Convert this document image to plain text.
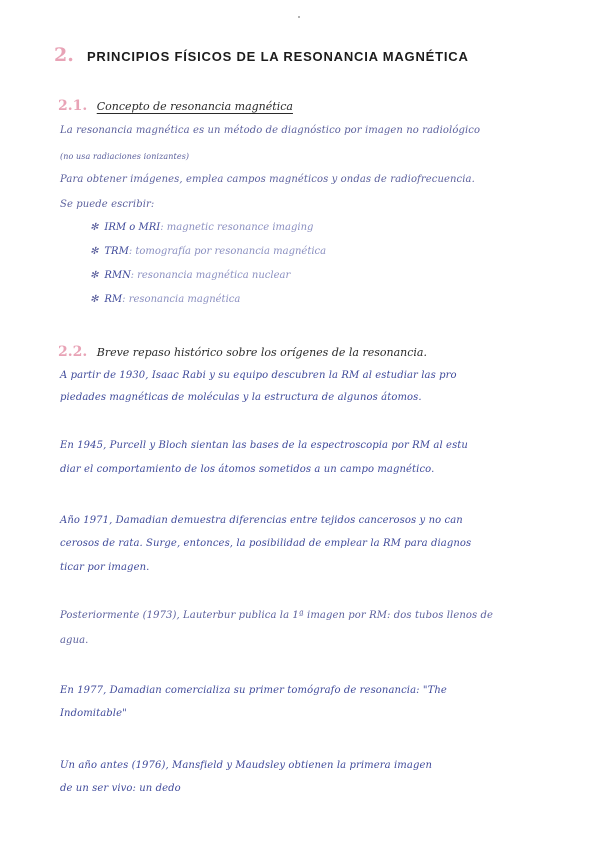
2. PRINCIPIOS FÍSICOS DE LA RESONANCIA MAGNÉTICA
2.1. Concepto de resonancia magnética
La resonancia magnética es un método de diagnóstico por imagen no radiológico
(no usa radiaciones ionizantes)
Para obtener imágenes, emplea campos magnéticos y ondas de radiofrecuencia.
Se puede escribir:
✻ IRM o MRI: magnetic resonance imaging
✻ TRM: tomografía por resonancia magnética
✻ RMN: resonancia magnética nuclear
✻ RM: resonancia magnética
2.2. Breve repaso histórico sobre los orígenes de la resonancia.
A partir de 1930, Isaac Rabi y su equipo descubren la RM al estudiar las pro
piedades magnéticas de moléculas y la estructura de algunos átomos.
En 1945, Purcell y Bloch sientan las bases de la espectroscopia por RM al estu
diar el comportamiento de los átomos sometidos a un campo magnético.
Año 1971, Damadian demuestra diferencias entre tejidos cancerosos y no can
cerosos de rata. Surge, entonces, la posibilidad de emplear la RM para diagnos
ticar por imagen.
Posteriormente (1973), Lauterbur publica la 1ª imagen por RM: dos tubos llenos de
agua.
En 1977, Damadian comercializa su primer tomógrafo de resonancia: "The
Indomitable"
Un año antes (1976), Mansfield y Maudsley obtienen la primera imagen
de un ser vivo: un dedo
